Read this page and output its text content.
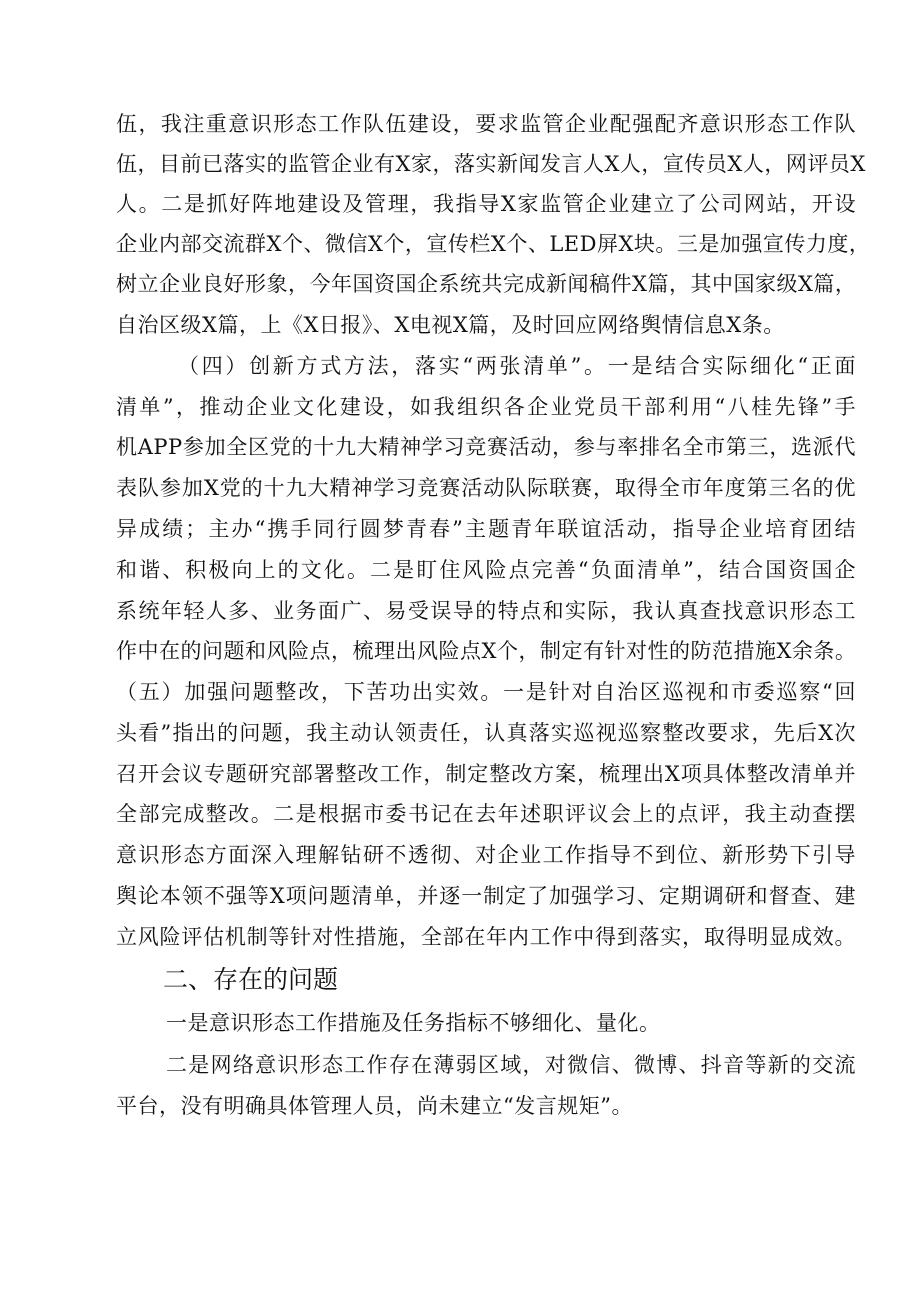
伍，我注重意识形态工作队伍建设，要求监管企业配强配齐意识形态工作队
伍，目前已落实的监管企业有X家，落实新闻发言人X人，宣传员X人，网评员X
人。二是抓好阵地建设及管理，我指导X家监管企业建立了公司网站，开设
企业内部交流群X个、微信X个，宣传栏X个、LED屏X块。三是加强宣传力度，
树立企业良好形象，今年国资国企系统共完成新闻稿件X篇，其中国家级X篇，
自治区级X篇，上《X日报》、X电视X篇，及时回应网络舆情信息X条。
（四）创新方式方法，落实“两张清单”。一是结合实际细化“正面
清单”，推动企业文化建设，如我组织各企业党员干部利用“八桂先锋”手
机APP参加全区党的十九大精神学习竞赛活动，参与率排名全市第三，选派代
表队参加X党的十九大精神学习竞赛活动队际联赛，取得全市年度第三名的优
异成绩；主办“携手同行圆梦青春”主题青年联谊活动，指导企业培育团结
和谐、积极向上的文化。二是盯住风险点完善“负面清单”，结合国资国企
系统年轻人多、业务面广、易受误导的特点和实际，我认真查找意识形态工
作中在的问题和风险点，梳理出风险点X个，制定有针对性的防范措施X余条。
（五）加强问题整改，下苦功出实效。一是针对自治区巡视和市委巡察“回
头看”指出的问题，我主动认领责任，认真落实巡视巡察整改要求，先后X次
召开会议专题研究部署整改工作，制定整改方案，梳理出X项具体整改清单并
全部完成整改。二是根据市委书记在去年述职评议会上的点评，我主动查摆
意识形态方面深入理解钻研不透彻、对企业工作指导不到位、新形势下引导
舆论本领不强等X项问题清单，并逐一制定了加强学习、定期调研和督查、建
立风险评估机制等针对性措施，全部在年内工作中得到落实，取得明显成效。
二、存在的问题
一是意识形态工作措施及任务指标不够细化、量化。
二是网络意识形态工作存在薄弱区域，对微信、微博、抖音等新的交流
平台，没有明确具体管理人员，尚未建立“发言规矩”。
